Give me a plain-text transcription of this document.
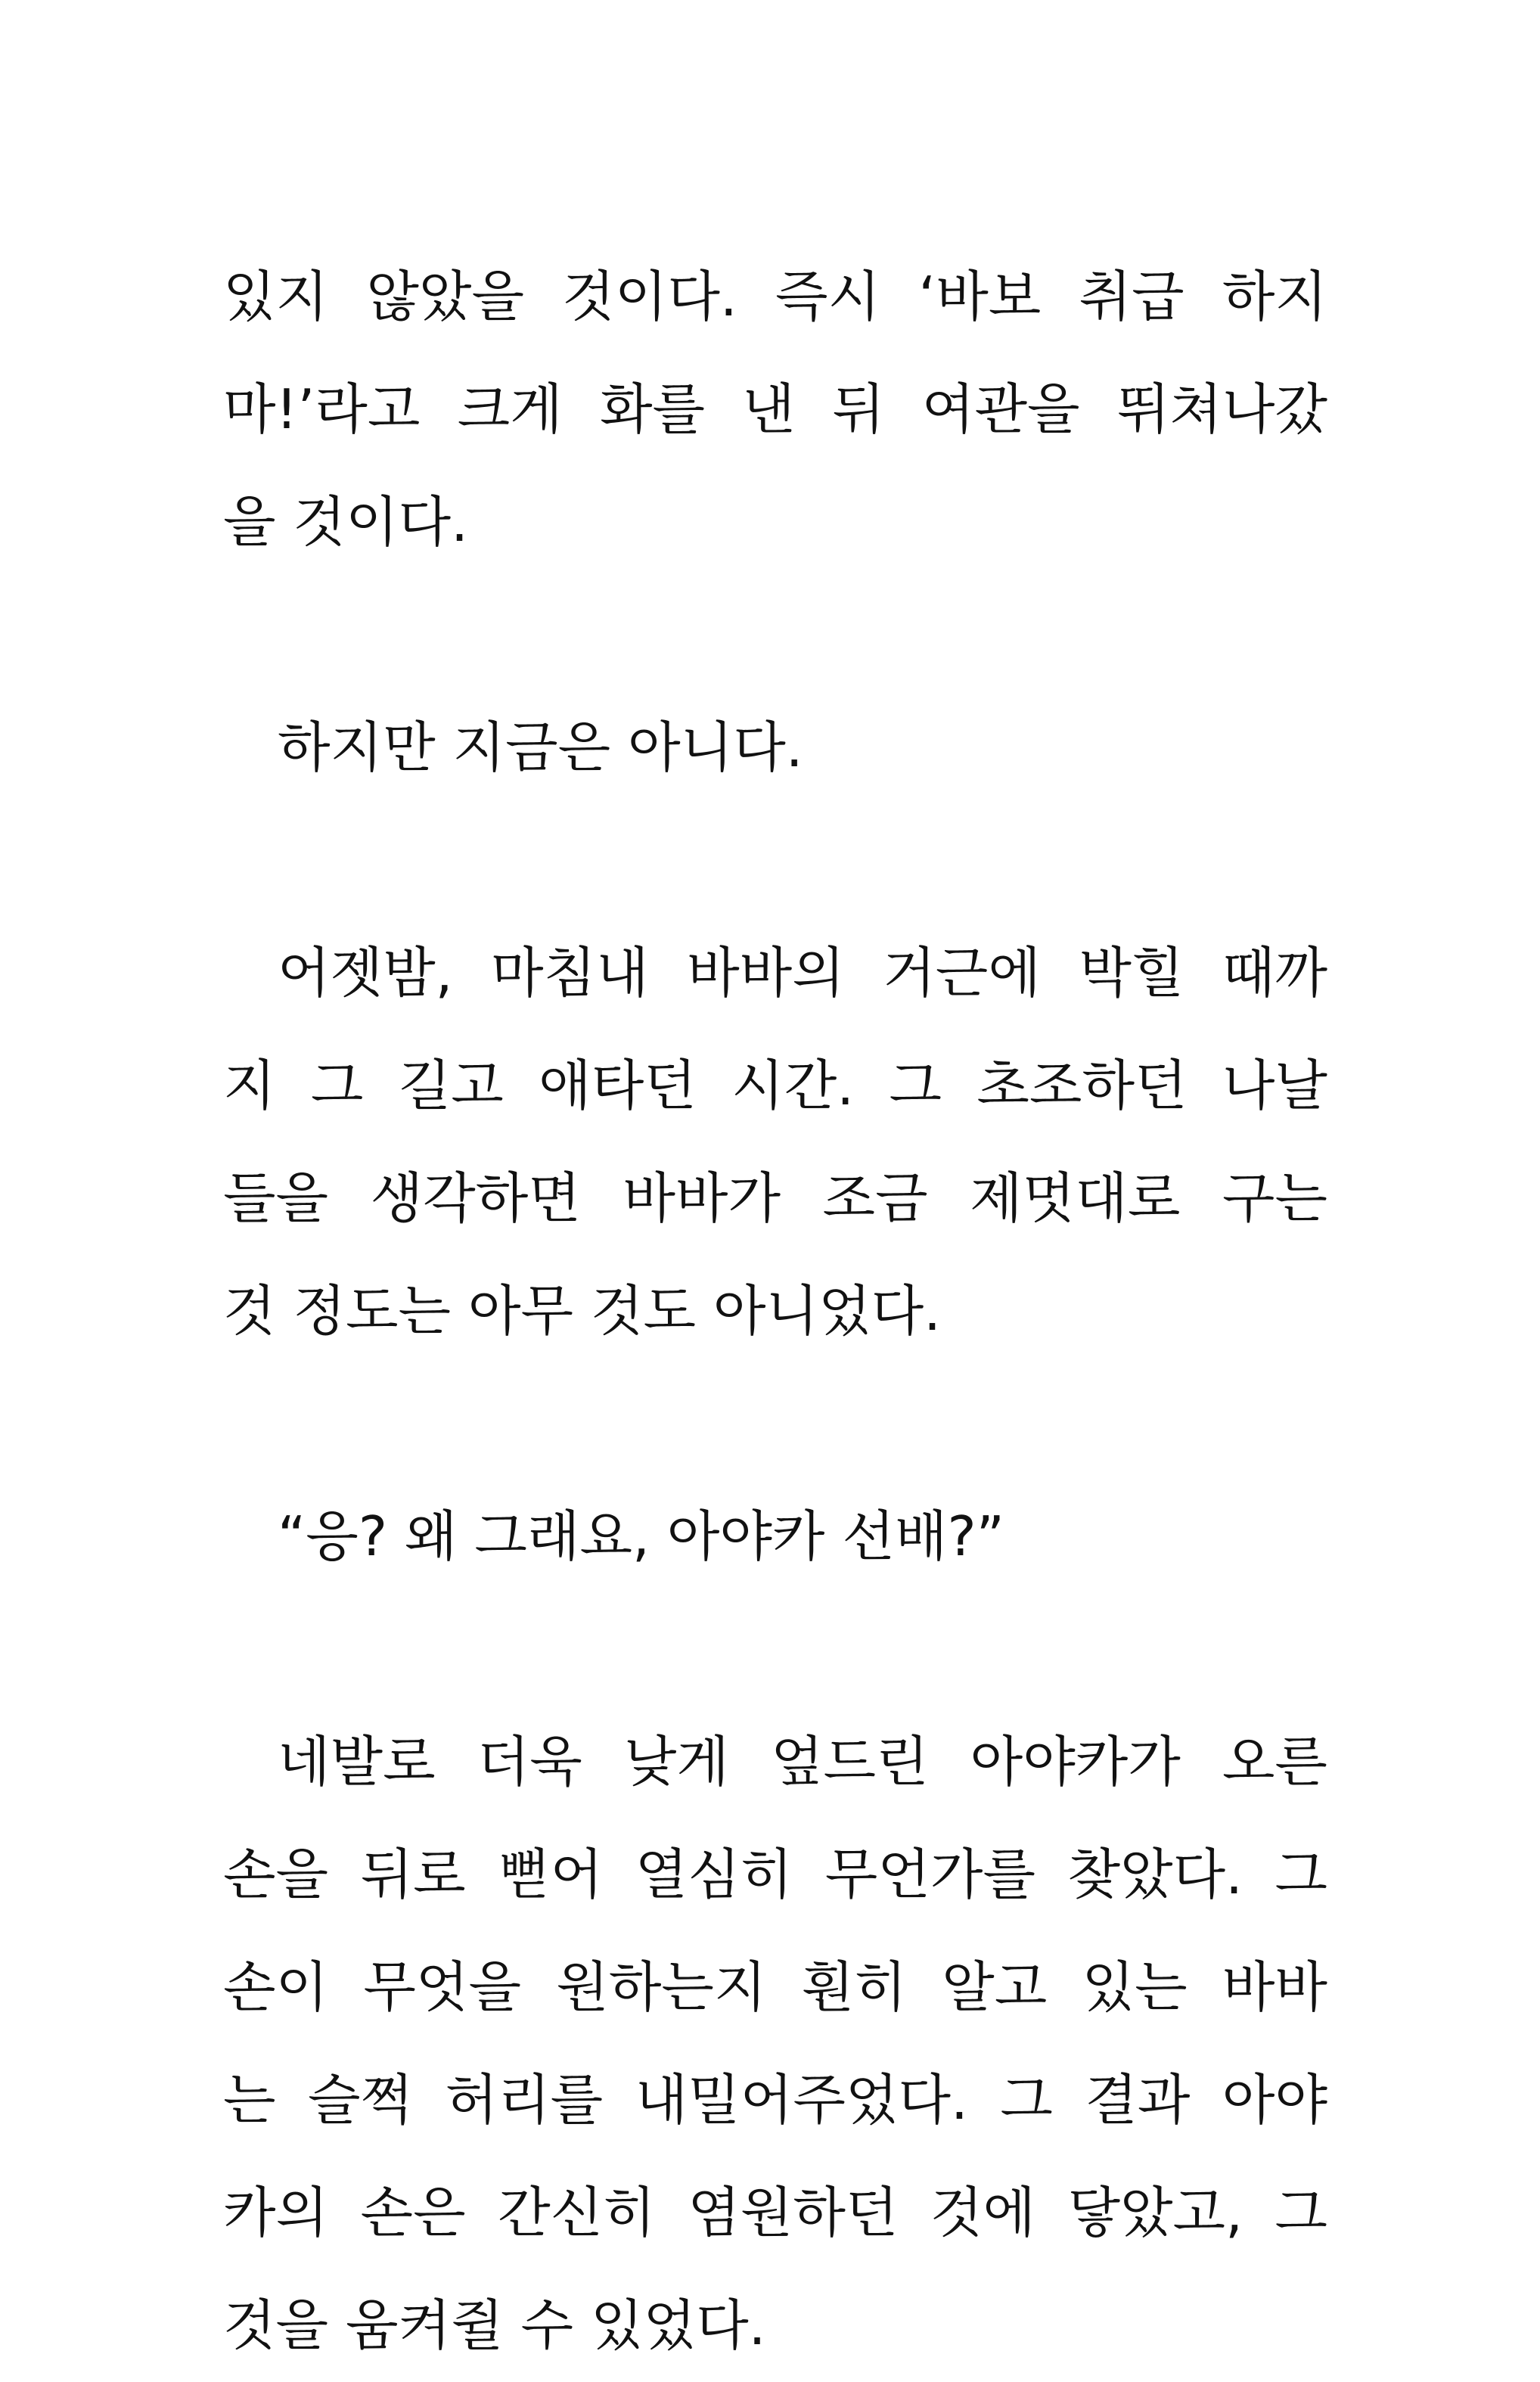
있지 않았을 것이다. 즉시 ‘바보 취급 하지
마!’라고 크게 화를 낸 뒤 여관을 뛰쳐나갔
을 것이다.
하지만 지금은 아니다.
어젯밤, 마침내 바바의 거근에 박힐 때까
지 그 길고 애타던 시간. 그 초조하던 나날
들을 생각하면 바바가 조금 제멋대로 구는
것 정도는 아무 것도 아니었다.
“응? 왜 그래요, 아야카 선배?”
네발로 더욱 낮게 엎드린 아야카가 오른
손을 뒤로 뻗어 열심히 무언가를 찾았다. 그
손이 무엇을 원하는지 훤히 알고 있는 바바
는 슬쩍 허리를 내밀어주었다. 그 결과 아야
카의 손은 간신히 염원하던 것에 닿았고, 그
것을 움켜쥘 수 있었다.
